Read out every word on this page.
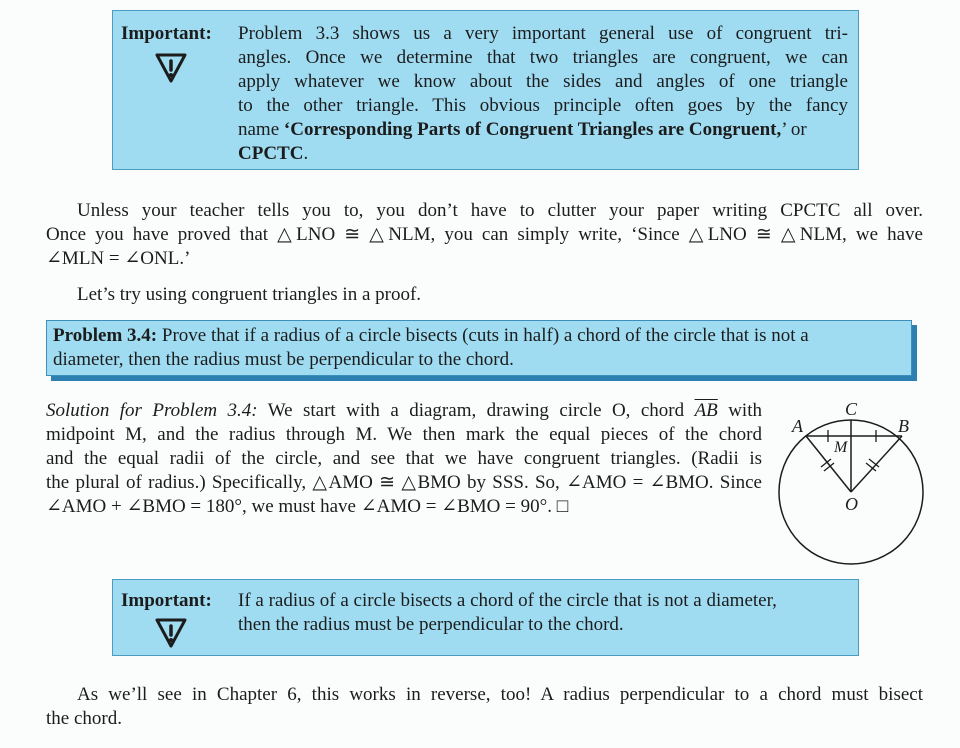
Important: Problem 3.3 shows us a very important general use of congruent tri-
angles. Once we determine that two triangles are congruent, we can
apply whatever we know about the sides and angles of one triangle
to the other triangle. This obvious principle often goes by the fancy
name ‘Corresponding Parts of Congruent Triangles are Congruent,’ or
CPCTC.
Unless your teacher tells you to, you don’t have to clutter your paper writing CPCTC all over.
Once you have proved that △LNO ≅ △NLM, you can simply write, ‘Since △LNO ≅ △NLM, we have
∠MLN = ∠ONL.’
Let’s try using congruent triangles in a proof.
Problem 3.4: Prove that if a radius of a circle bisects (cuts in half) a chord of the circle that is not a
diameter, then the radius must be perpendicular to the chord.
Solution for Problem 3.4: We start with a diagram, drawing circle O, chord $\overline{AB}$ with
midpoint M, and the radius through M. We then mark the equal pieces of the chord
and the equal radii of the circle, and see that we have congruent triangles. (Radii is
the plural of radius.) Specifically, △AMO ≅ △BMO by SSS. So, ∠AMO = ∠BMO. Since
∠AMO + ∠BMO = 180°, we must have ∠AMO = ∠BMO = 90°. □
A	B
C
M
O
Important: If a radius of a circle bisects a chord of the circle that is not a diameter,
then the radius must be perpendicular to the chord.
As we’ll see in Chapter 6, this works in reverse, too! A radius perpendicular to a chord must bisect
the chord.
